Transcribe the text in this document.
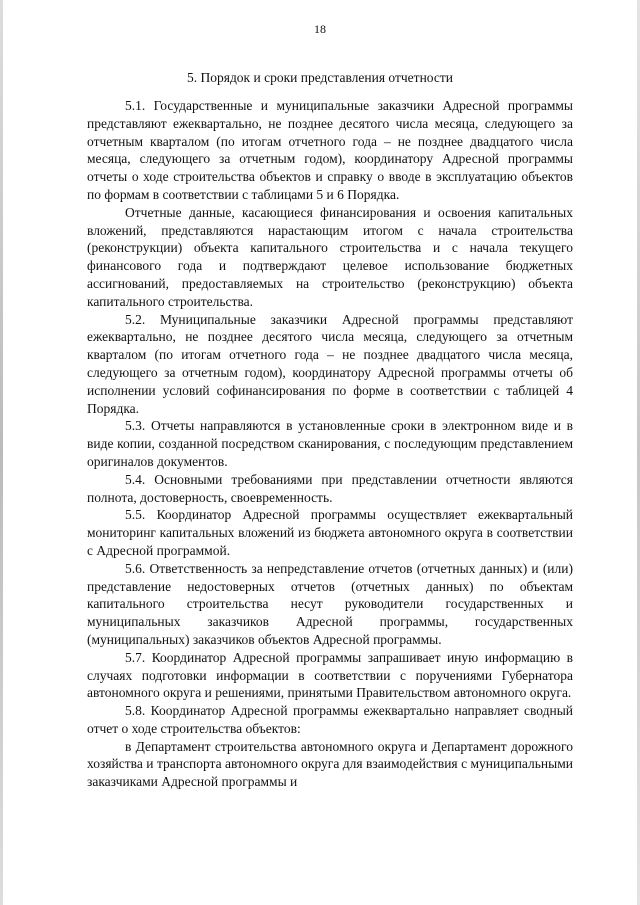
18
5. Порядок и сроки представления отчетности

5.1. Государственные и муниципальные заказчики Адресной программы представляют ежеквартально, не позднее десятого числа месяца, следующего за отчетным кварталом (по итогам отчетного года – не позднее двадцатого числа месяца, следующего за отчетным годом), координатору Адресной программы отчеты о ходе строительства объектов и справку о вводе в эксплуатацию объектов по формам в соответствии с таблицами 5 и 6 Порядка.

Отчетные данные, касающиеся финансирования и освоения капитальных вложений, представляются нарастающим итогом с начала строительства (реконструкции) объекта капитального строительства и с начала текущего финансового года и подтверждают целевое использование бюджетных ассигнований, предоставляемых на строительство (реконструкцию) объекта капитального строительства.

5.2. Муниципальные заказчики Адресной программы представляют ежеквартально, не позднее десятого числа месяца, следующего за отчетным кварталом (по итогам отчетного года – не позднее двадцатого числа месяца, следующего за отчетным годом), координатору Адресной программы отчеты об исполнении условий софинансирования по форме в соответствии с таблицей 4 Порядка.

5.3. Отчеты направляются в установленные сроки в электронном виде и в виде копии, созданной посредством сканирования, с последующим представлением оригиналов документов.

5.4. Основными требованиями при представлении отчетности являются полнота, достоверность, своевременность.

5.5. Координатор Адресной программы осуществляет ежеквартальный мониторинг капитальных вложений из бюджета автономного округа в соответствии с Адресной программой.

5.6. Ответственность за непредставление отчетов (отчетных данных) и (или) представление недостоверных отчетов (отчетных данных) по объектам капитального строительства несут руководители государственных и муниципальных заказчиков Адресной программы, государственных (муниципальных) заказчиков объектов Адресной программы.

5.7. Координатор Адресной программы запрашивает иную информацию в случаях подготовки информации в соответствии с поручениями Губернатора автономного округа и решениями, принятыми Правительством автономного округа.

5.8. Координатор Адресной программы ежеквартально направляет сводный отчет о ходе строительства объектов:

в Департамент строительства автономного округа и Департамент дорожного хозяйства и транспорта автономного округа для взаимодействия с муниципальными заказчиками Адресной программы и
